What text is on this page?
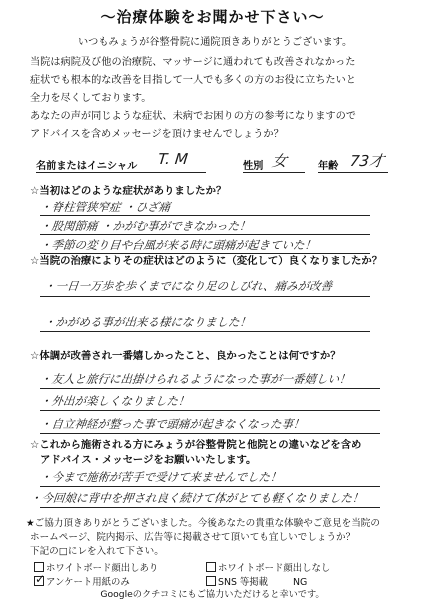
〜治療体験をお聞かせ下さい〜
いつもみょうが谷整骨院に通院頂きありがとうございます。
当院は病院及び他の治療院、マッサージに通われても改善されなかった
症状でも根本的な改善を目指して一人でも多くの方のお役に立ちたいと
全力を尽くしております。
あなたの声が同じような症状、未病でお困りの方の参考になりますので
アドバイスを含めメッセージを頂けませんでしょうか？
名前またはイニシャル T. M	性別 女	年齢 73才
☆当初はどのような症状がありましたか？
・脊柱管狭窄症 ・ひざ痛
・股関節痛 ・かがむ事ができなかった！
・季節の変り目や台風が来る時に頭痛が起きていた！
☆当院の治療によりその症状はどのように（変化して）良くなりましたか？
・一日一万歩を歩くまでになり足のしびれ、痛みが改善
・かがめる事が出来る様になりました！
☆体調が改善され一番嬉しかったこと、良かったことは何ですか？
・友人と旅行に出掛けられるようになった事が一番嬉しい！
・外出が楽しくなりました！
・自立神経が整った事で頭痛が起きなくなった事！
☆これから施術される方にみょうが谷整骨院と他院との違いなどを含め
アドバイス・メッセージをお願いいたします。
・今まで施術が苦手で受けて来ませんでした！
・今回娘に背中を押され良く続けて体がとても軽くなりました！
★ご協力頂きありがとうございました。今後あなたの貴重な体験やご意見を当院の
ホームページ、院内掲示、広告等に掲載させて頂いても宜しいでしょうか？
下記の□にレを入れて下さい。
ホワイトボード顔出しあり	ホワイトボード顔出しなし
✓ アンケート用紙のみ	SNS 等掲載	NG
Googleのクチコミにもご協力いただけると幸いです。
